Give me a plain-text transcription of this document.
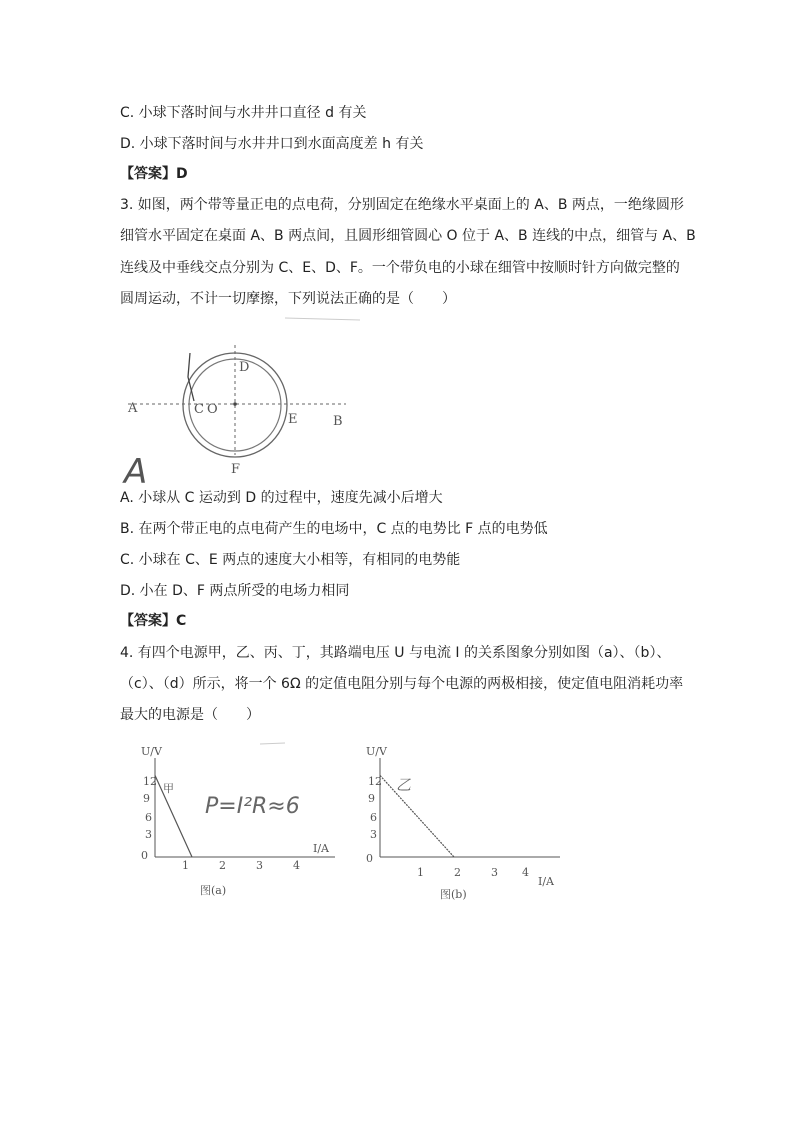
C. 小球下落时间与水井井口直径 d 有关
D. 小球下落时间与水井井口到水面高度差 h 有关
【答案】D
3. 如图，两个带等量正电的点电荷，分别固定在绝缘水平桌面上的 A、B 两点，一绝缘圆形
细管水平固定在桌面 A、B 两点间，且圆形细管圆心 O 位于 A、B 连线的中点，细管与 A、B
连线及中垂线交点分别为 C、E、D、F。一个带负电的小球在细管中按顺时针方向做完整的
圆周运动，不计一切摩擦，下列说法正确的是（　　）
A
B
C
D
E
F
O
A
A. 小球从 C 运动到 D 的过程中，速度先减小后增大
B. 在两个带正电的点电荷产生的电场中，C 点的电势比 F 点的电势低
C. 小球在 C、E 两点的速度大小相等，有相同的电势能
D. 小在 D、F 两点所受的电场力相同
【答案】C
4. 有四个电源甲，乙、丙、丁，其路端电压 U 与电流 I 的关系图象分别如图（a）、（b）、
（c）、（d）所示，将一个 6Ω 的定值电阻分别与每个电源的两极相接，使定值电阻消耗功率
最大的电源是（　　）
U/V
I/A
12
9
6
3
0
1	2	3	4
甲
P=I²R≈6
图(a)
U/V
I/A
12
9
6
3
0
1	2	3 4
乙
图(b)
